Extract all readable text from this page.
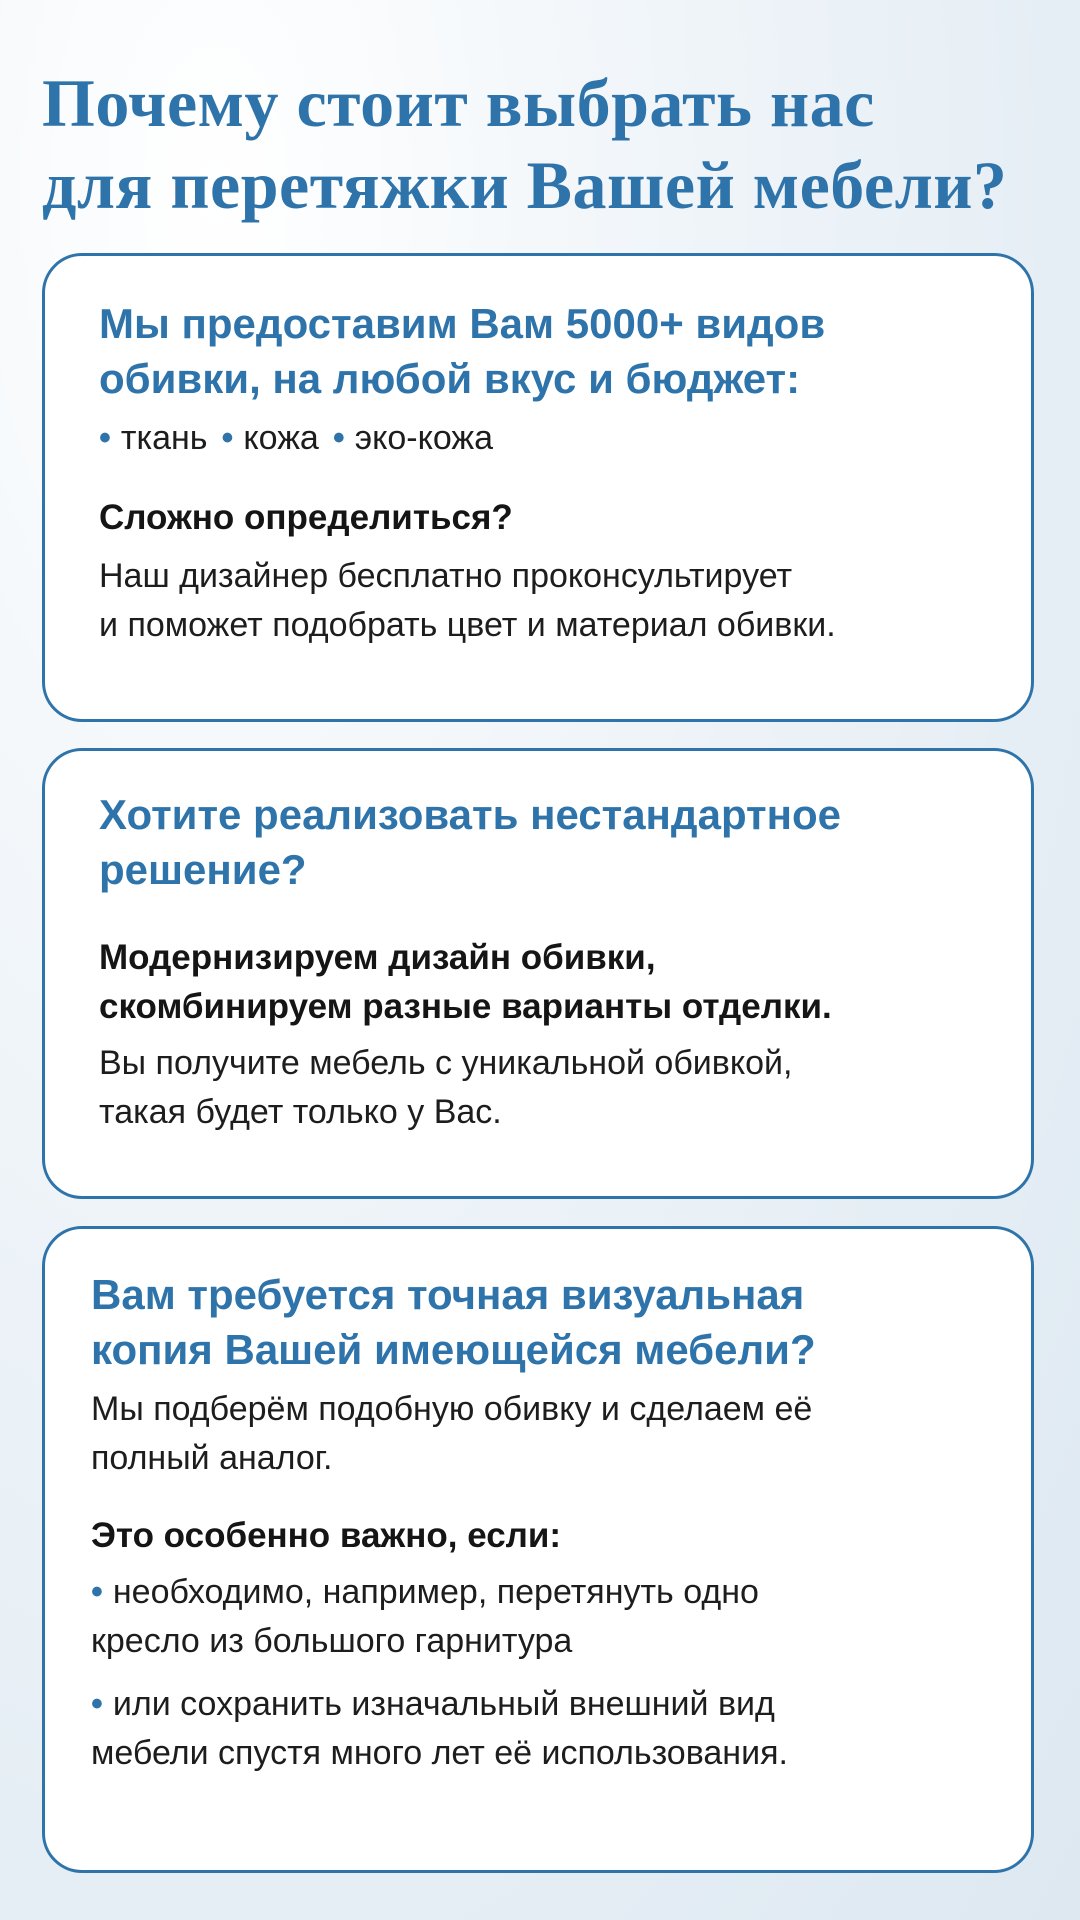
Почему стоит выбрать нас
для перетяжки Вашей мебели?
Мы предоставим Вам 5000+ видов
обивки, на любой вкус и бюджет:

• ткань • кожа • эко-кожа

Сложно определиться?

Наш дизайнер бесплатно проконсультирует
и поможет подобрать цвет и материал обивки.

Хотите реализовать нестандартное
решение?
Модернизируем дизайн обивки,
скомбинируем разные варианты отделки.

Вы получите мебель с уникальной обивкой,
такая будет только у Вас.

Вам требуется точная визуальная
копия Вашей имеющейся мебели?

Мы подберём подобную обивку и сделаем её
полный аналог.

Это особенно важно, если:

• необходимо, например, перетянуть одно
кресло из большого гарнитура

• или сохранить изначальный внешний вид
мебели спустя много лет её использования.
